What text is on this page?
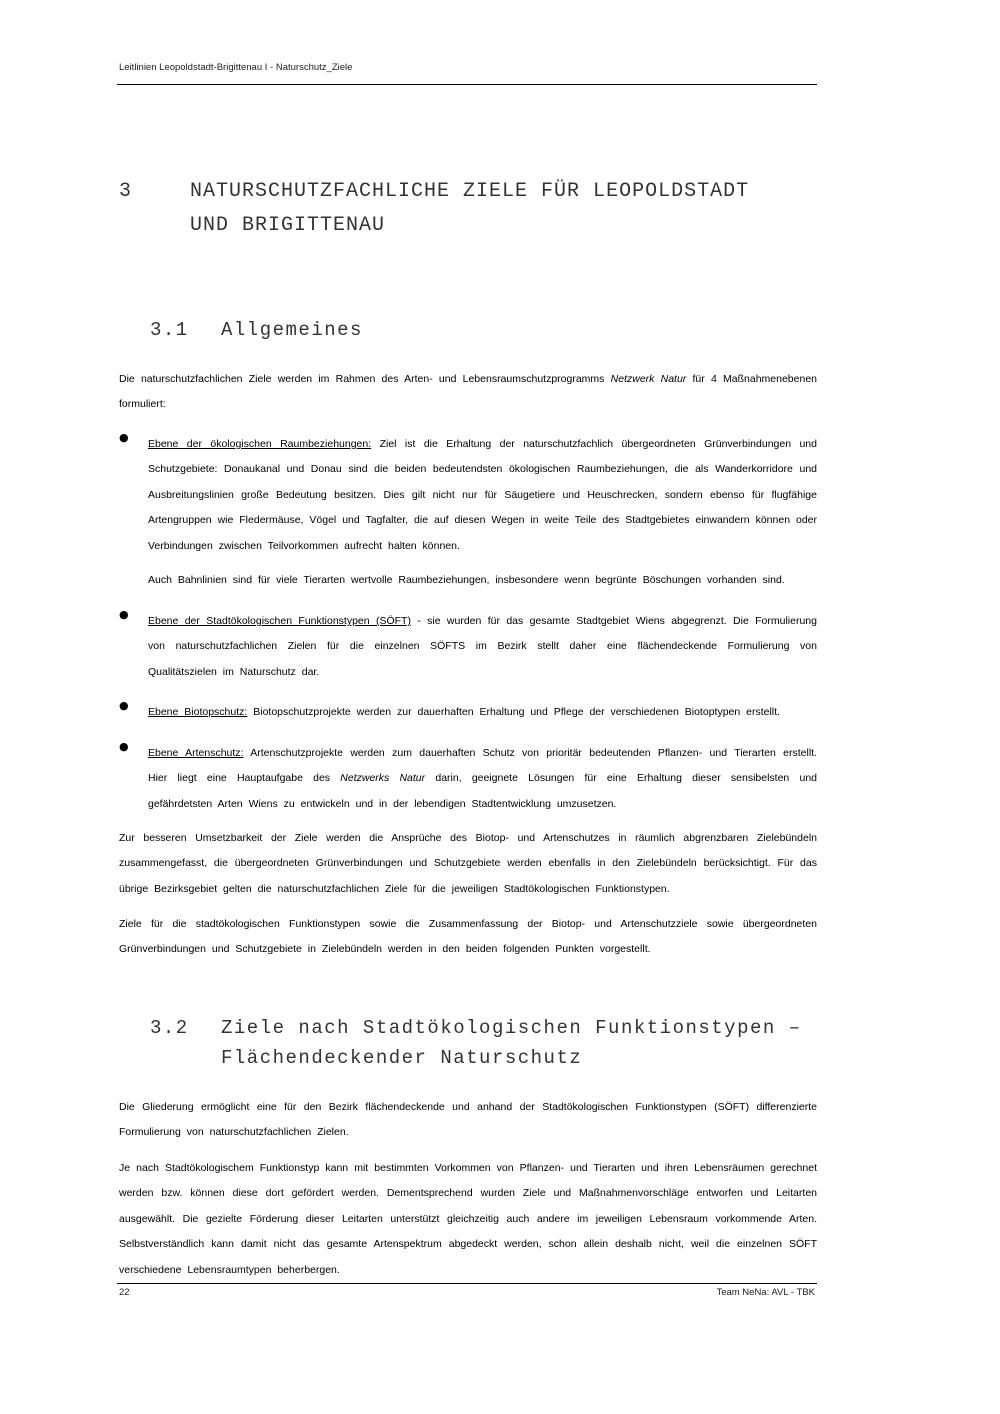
Leitlinien Leopoldstadt-Brigittenau I - Naturschutz_Ziele
3	NATURSCHUTZFACHLICHE ZIELE FÜR LEOPOLDSTADT
UND BRIGITTENAU
3.1 Allgemeines
Die naturschutzfachlichen Ziele werden im Rahmen des Arten- und Lebensraumschutzprogramms Netzwerk Natur für 4 Maßnahmenebenen formuliert:
● Ebene der ökologischen Raumbeziehungen: Ziel ist die Erhaltung der naturschutzfachlich übergeordneten Grünverbindungen und Schutzgebiete: Donaukanal und Donau sind die beiden bedeutendsten ökologischen Raumbeziehungen, die als Wanderkorridore und Ausbreitungslinien große Bedeutung besitzen. Dies gilt nicht nur für Säugetiere und Heuschrecken, sondern ebenso für flugfähige Artengruppen wie Fledermäuse, Vögel und Tagfalter, die auf diesen Wegen in weite Teile des Stadtgebietes einwandern können oder Verbindungen zwischen Teilvorkommen aufrecht halten können.
Auch Bahnlinien sind für viele Tierarten wertvolle Raumbeziehungen, insbesondere wenn begrünte Böschungen vorhanden sind.
● Ebene der Stadtökologischen Funktionstypen (SÖFT) - sie wurden für das gesamte Stadtgebiet Wiens abgegrenzt. Die Formulierung von naturschutzfachlichen Zielen für die einzelnen SÖFTS im Bezirk stellt daher eine flächendeckende Formulierung von Qualitätszielen im Naturschutz dar.
● Ebene Biotopschutz: Biotopschutzprojekte werden zur dauerhaften Erhaltung und Pflege der verschiedenen Biotoptypen erstellt.
● Ebene Artenschutz: Artenschutzprojekte werden zum dauerhaften Schutz von prioritär bedeutenden Pflanzen- und Tierarten erstellt. Hier liegt eine Hauptaufgabe des Netzwerks Natur darin, geeignete Lösungen für eine Erhaltung dieser sensibelsten und gefährdetsten Arten Wiens zu entwickeln und in der lebendigen Stadtentwicklung umzusetzen.
Zur besseren Umsetzbarkeit der Ziele werden die Ansprüche des Biotop- und Artenschutzes in räumlich abgrenzbaren Zielebündeln zusammengefasst, die übergeordneten Grünverbindungen und Schutzgebiete werden ebenfalls in den Zielebündeln berücksichtigt. Für das übrige Bezirksgebiet gelten die naturschutzfachlichen Ziele für die jeweiligen Stadtökologischen Funktionstypen.
Ziele für die stadtökologischen Funktionstypen sowie die Zusammenfassung der Biotop- und Artenschutzziele sowie übergeordneten Grünverbindungen und Schutzgebiete in Zielebündeln werden in den beiden folgenden Punkten vorgestellt.
3.2 Ziele nach Stadtökologischen Funktionstypen –
Flächendeckender Naturschutz
Die Gliederung ermöglicht eine für den Bezirk flächendeckende und anhand der Stadtökologischen Funktionstypen (SÖFT) differenzierte Formulierung von naturschutzfachlichen Zielen.
Je nach Stadtökologischem Funktionstyp kann mit bestimmten Vorkommen von Pflanzen- und Tierarten und ihren Lebensräumen gerechnet werden bzw. können diese dort gefördert werden. Dementsprechend wurden Ziele und Maßnahmenvorschläge entworfen und Leitarten ausgewählt. Die gezielte Förderung dieser Leitarten unterstützt gleichzeitig auch andere im jeweiligen Lebensraum vorkommende Arten. Selbstverständlich kann damit nicht das gesamte Artenspektrum abgedeckt werden, schon allein deshalb nicht, weil die einzelnen SÖFT verschiedene Lebensraumtypen beherbergen.
22	Team NeNa: AVL - TBK
